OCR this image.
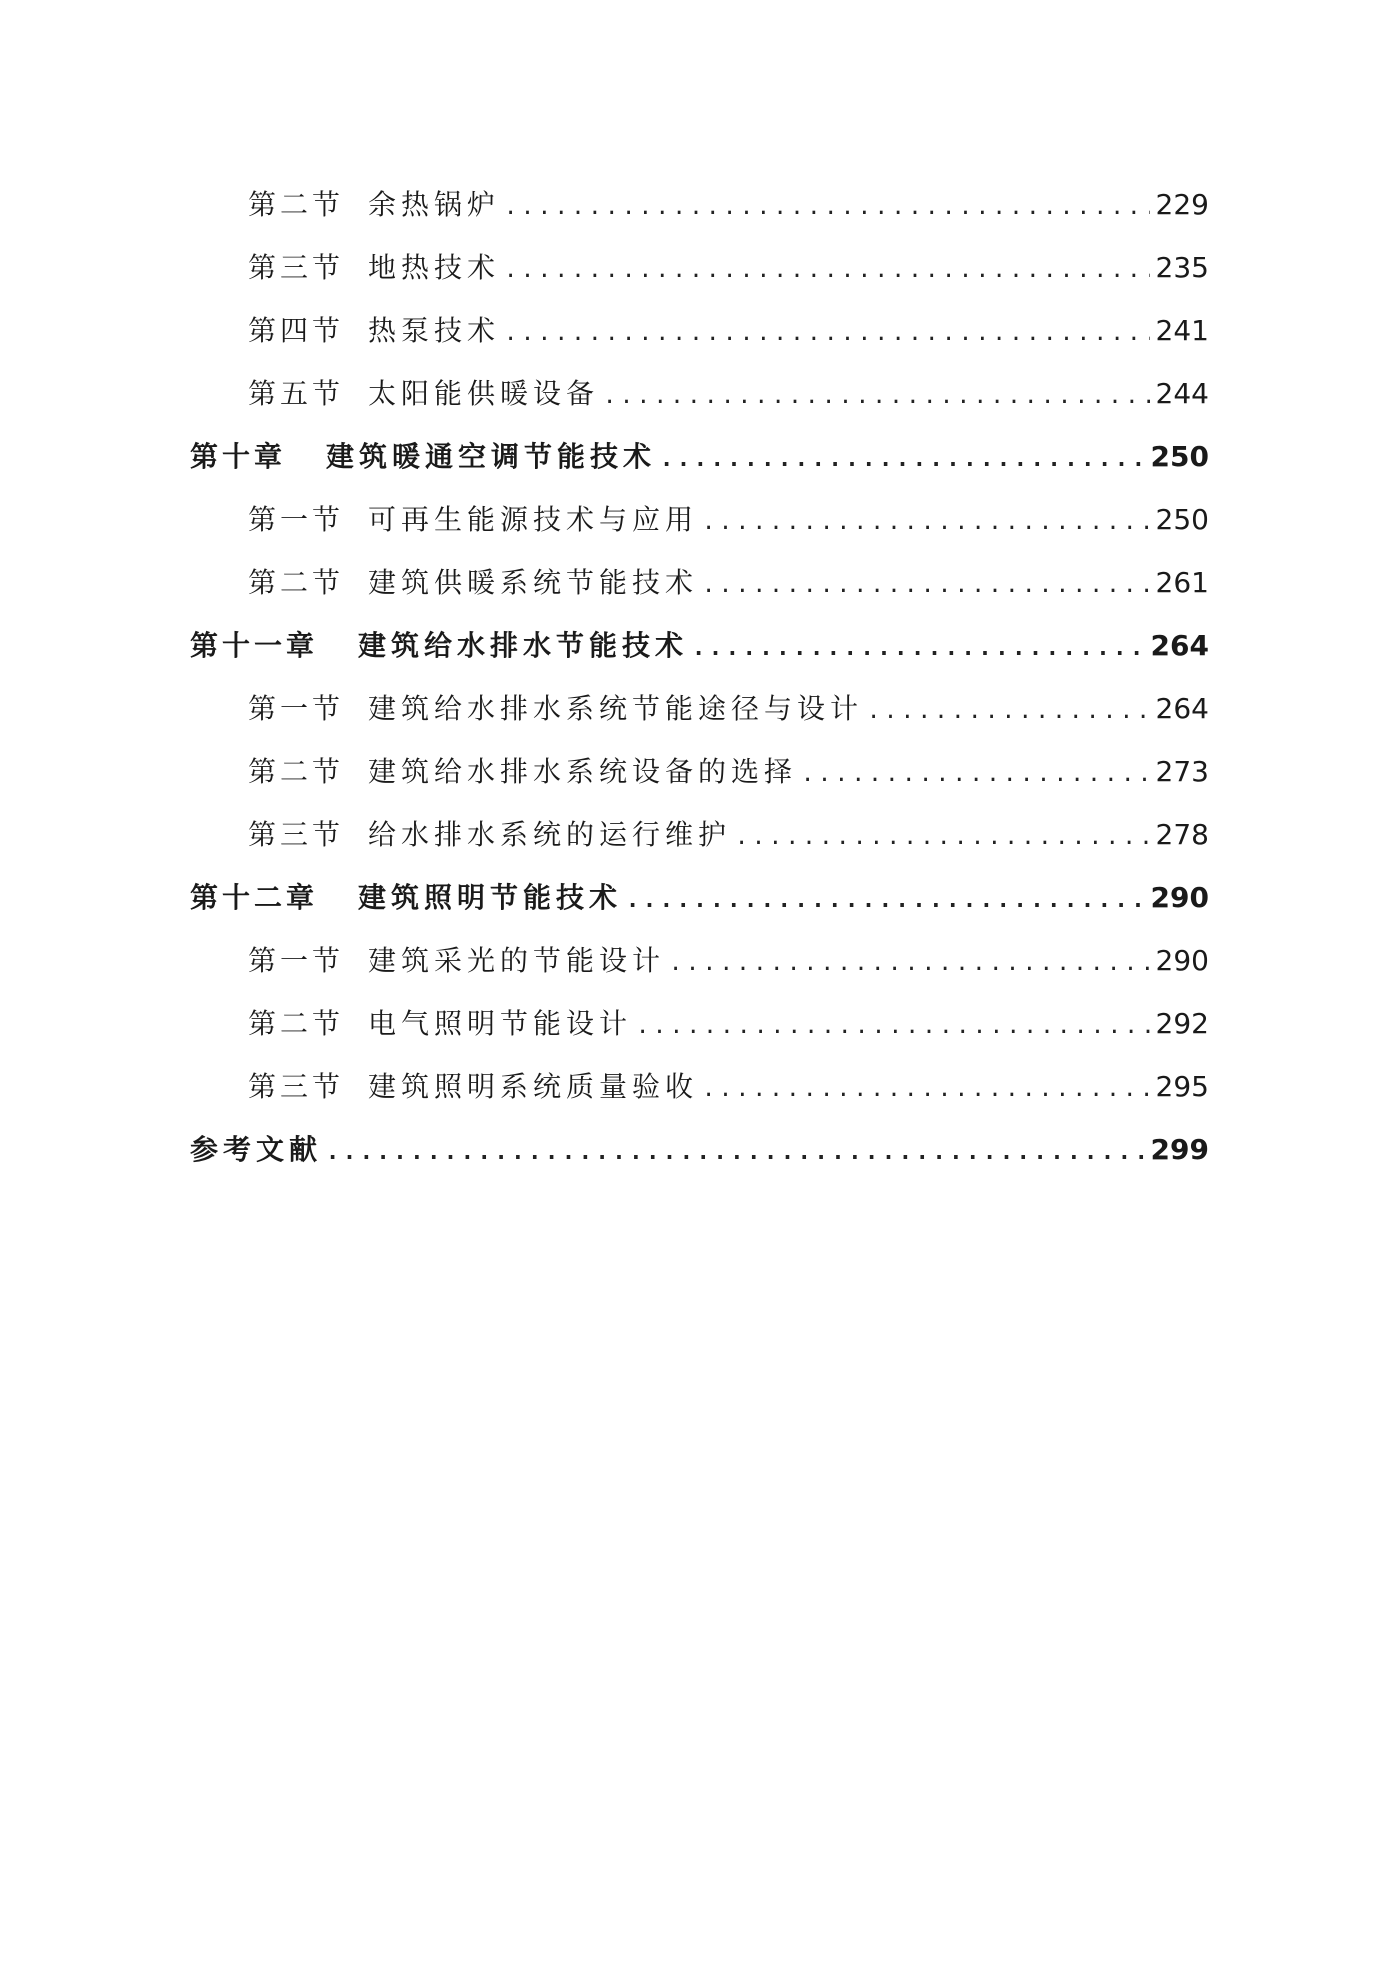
第二节 余热锅炉 .....	229
第三节 地热技术 .....	235
第四节 热泵技术 .....	241
第五节 太阳能供暖设备 .....	244
第十章 建筑暖通空调节能技术 .....	250
第一节 可再生能源技术与应用 .....	250
第二节 建筑供暖系统节能技术 .....	261
第十一章 建筑给水排水节能技术 .....	264
第一节 建筑给水排水系统节能途径与设计 .....	264
第二节 建筑给水排水系统设备的选择 .....	273
第三节 给水排水系统的运行维护 .....	278
第十二章 建筑照明节能技术 .....	290
第一节 建筑采光的节能设计 .....	290
第二节 电气照明节能设计 .....	292
第三节 建筑照明系统质量验收 .....	295
参考文献 .....	299
